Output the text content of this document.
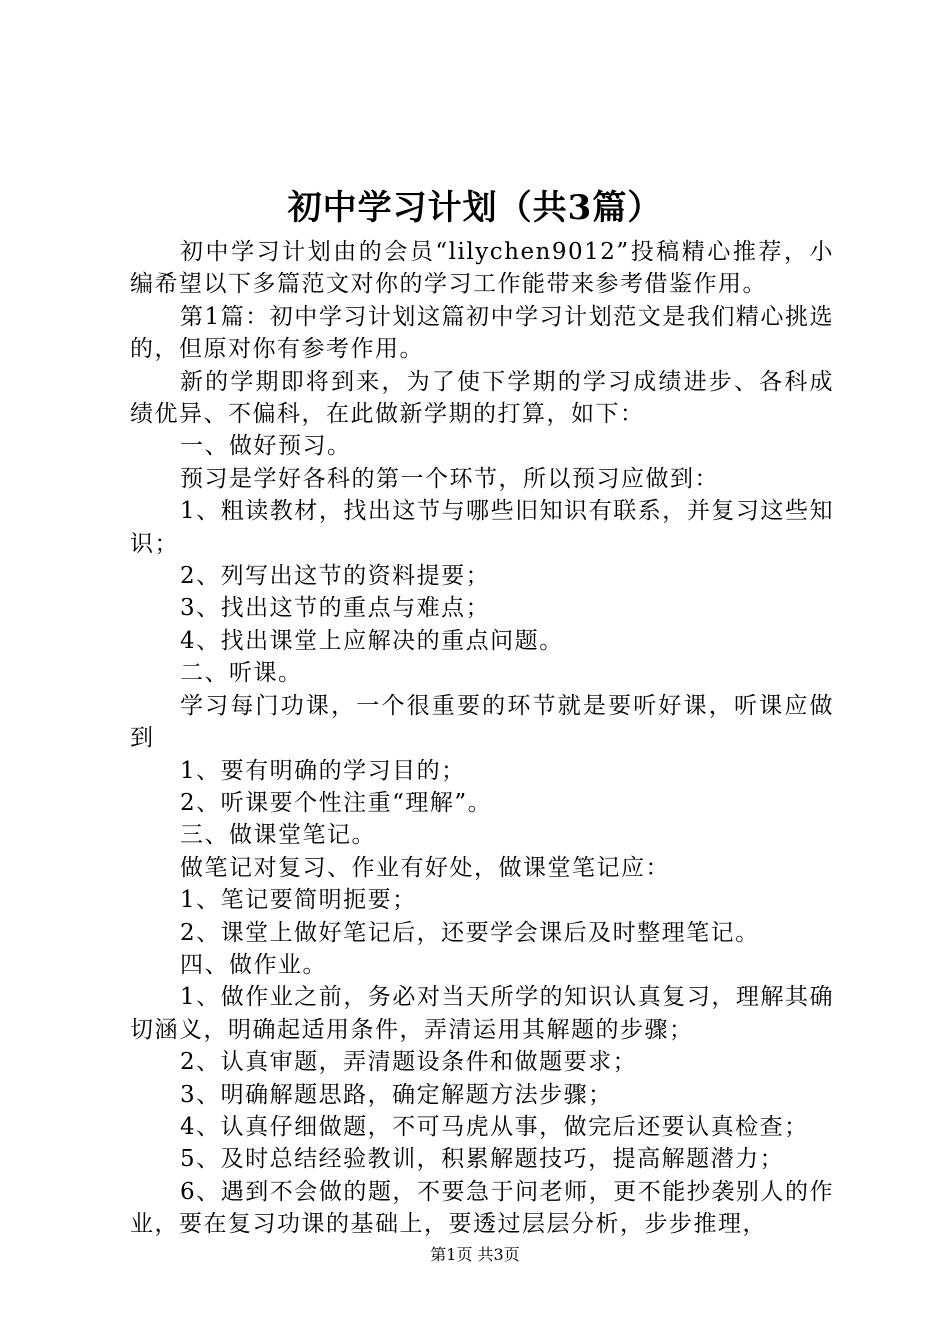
初中学习计划（共3篇）

初中学习计划由的会员“lilychen9012”投稿精心推荐，小编希望以下多篇范文对你的学习工作能带来参考借鉴作用。

第1篇：初中学习计划这篇初中学习计划范文是我们精心挑选的，但原对你有参考作用。

新的学期即将到来，为了使下学期的学习成绩进步、各科成绩优异、不偏科，在此做新学期的打算，如下：

一、做好预习。

预习是学好各科的第一个环节，所以预习应做到：

1、粗读教材，找出这节与哪些旧知识有联系，并复习这些知识；

2、列写出这节的资料提要；

3、找出这节的重点与难点；

4、找出课堂上应解决的重点问题。

二、听课。

学习每门功课，一个很重要的环节就是要听好课，听课应做到

1、要有明确的学习目的；

2、听课要个性注重“理解”。

三、做课堂笔记。

做笔记对复习、作业有好处，做课堂笔记应：

1、笔记要简明扼要；

2、课堂上做好笔记后，还要学会课后及时整理笔记。

四、做作业。

1、做作业之前，务必对当天所学的知识认真复习，理解其确切涵义，明确起适用条件，弄清运用其解题的步骤；

2、认真审题，弄清题设条件和做题要求；

3、明确解题思路，确定解题方法步骤；

4、认真仔细做题，不可马虎从事，做完后还要认真检查；

5、及时总结经验教训，积累解题技巧，提高解题潜力；

6、遇到不会做的题，不要急于问老师，更不能抄袭别人的作业，要在复习功课的基础上，要透过层层分析，步步推理，

第1页 共3页
